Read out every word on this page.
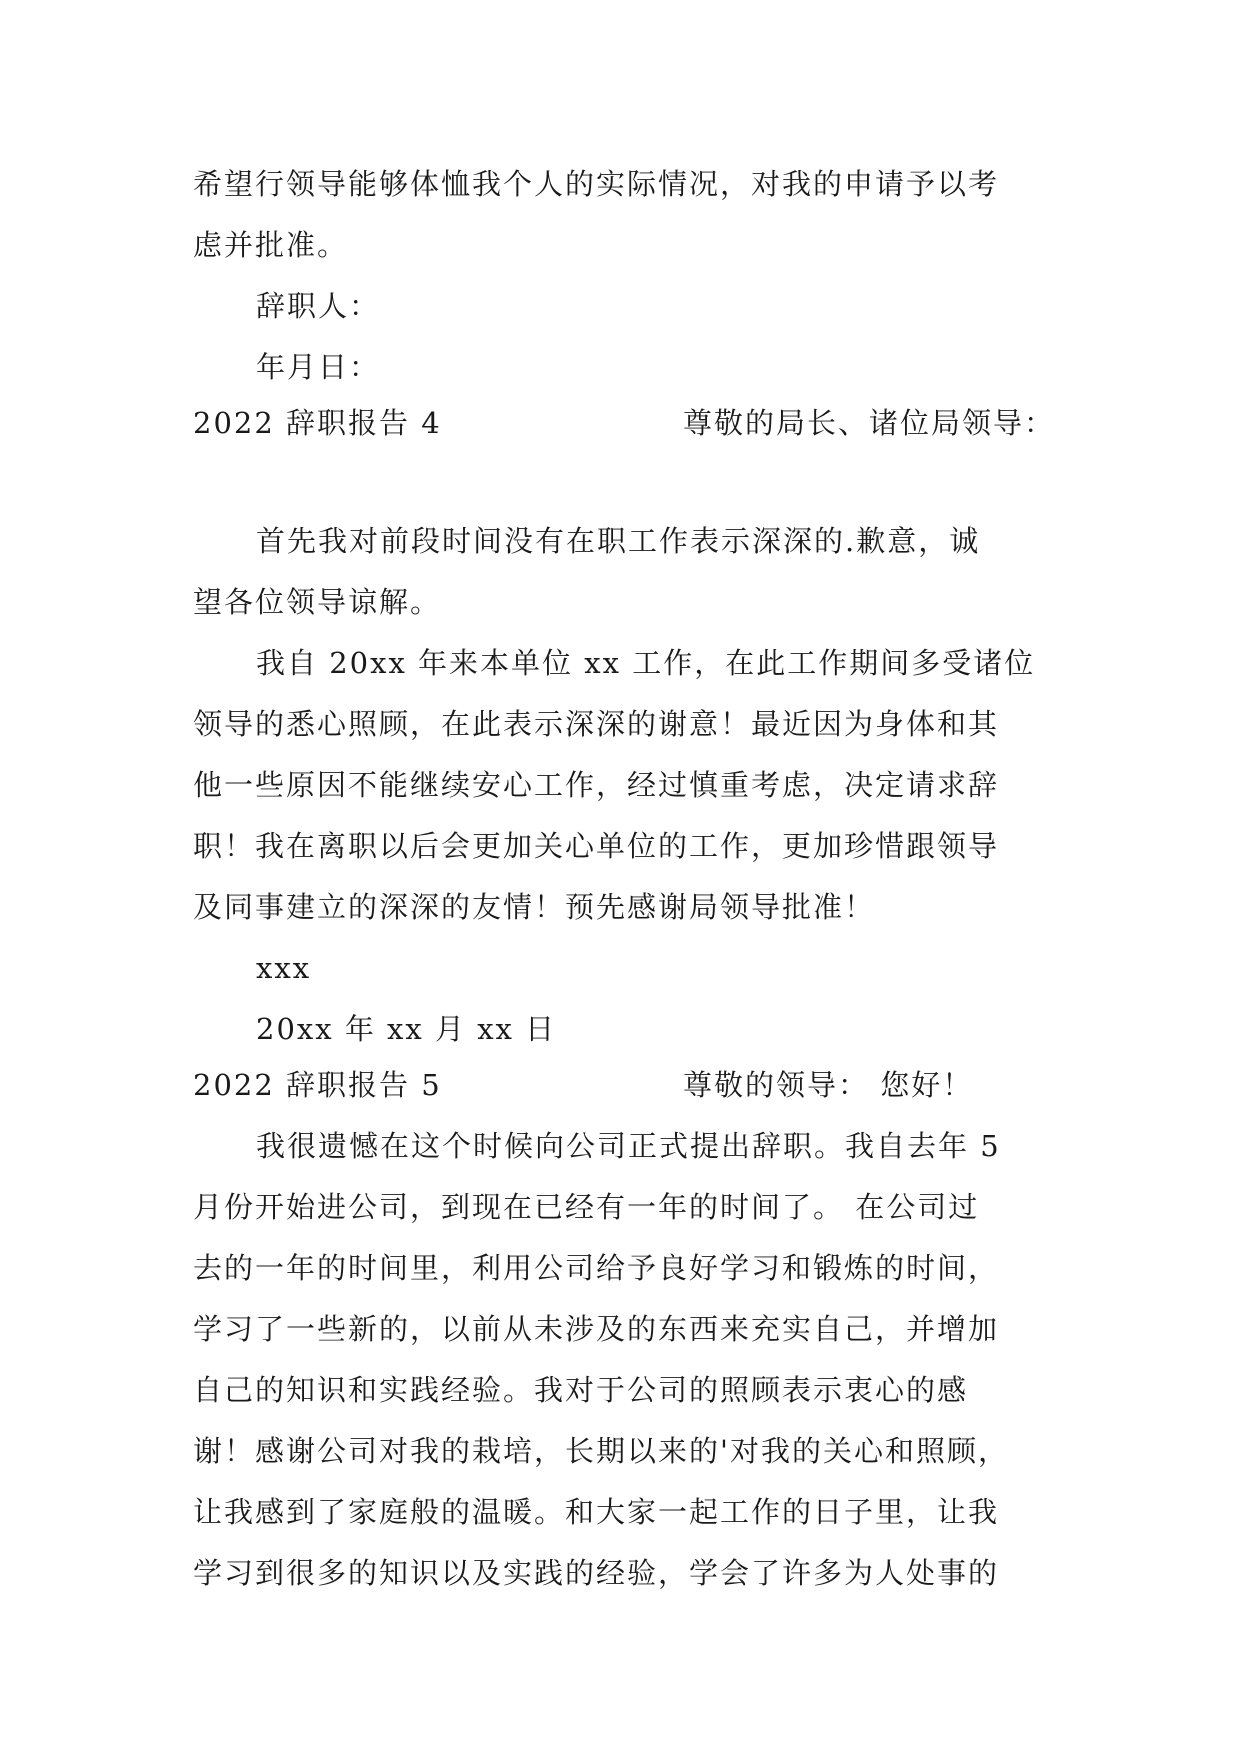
希望行领导能够体恤我个人的实际情况，对我的申请予以考
虑并批准。
辞职人：
年月日：
2022 辞职报告 4	尊敬的局长、诸位局领导：
首先我对前段时间没有在职工作表示深深的.歉意，诚
望各位领导谅解。
我自 20xx 年来本单位 xx 工作，在此工作期间多受诸位
领导的悉心照顾，在此表示深深的谢意！最近因为身体和其
他一些原因不能继续安心工作，经过慎重考虑，决定请求辞
职！我在离职以后会更加关心单位的工作，更加珍惜跟领导
及同事建立的深深的友情！预先感谢局领导批准！
xxx
20xx 年 xx 月 xx 日
2022 辞职报告 5	尊敬的领导： 您好！
我很遗憾在这个时候向公司正式提出辞职。我自去年 5
月份开始进公司，到现在已经有一年的时间了。 在公司过
去的一年的时间里，利用公司给予良好学习和锻炼的时间，
学习了一些新的，以前从未涉及的东西来充实自己，并增加
自己的知识和实践经验。我对于公司的照顾表示衷心的感
谢！感谢公司对我的栽培，长期以来的'对我的关心和照顾，
让我感到了家庭般的温暖。和大家一起工作的日子里，让我
学习到很多的知识以及实践的经验，学会了许多为人处事的
